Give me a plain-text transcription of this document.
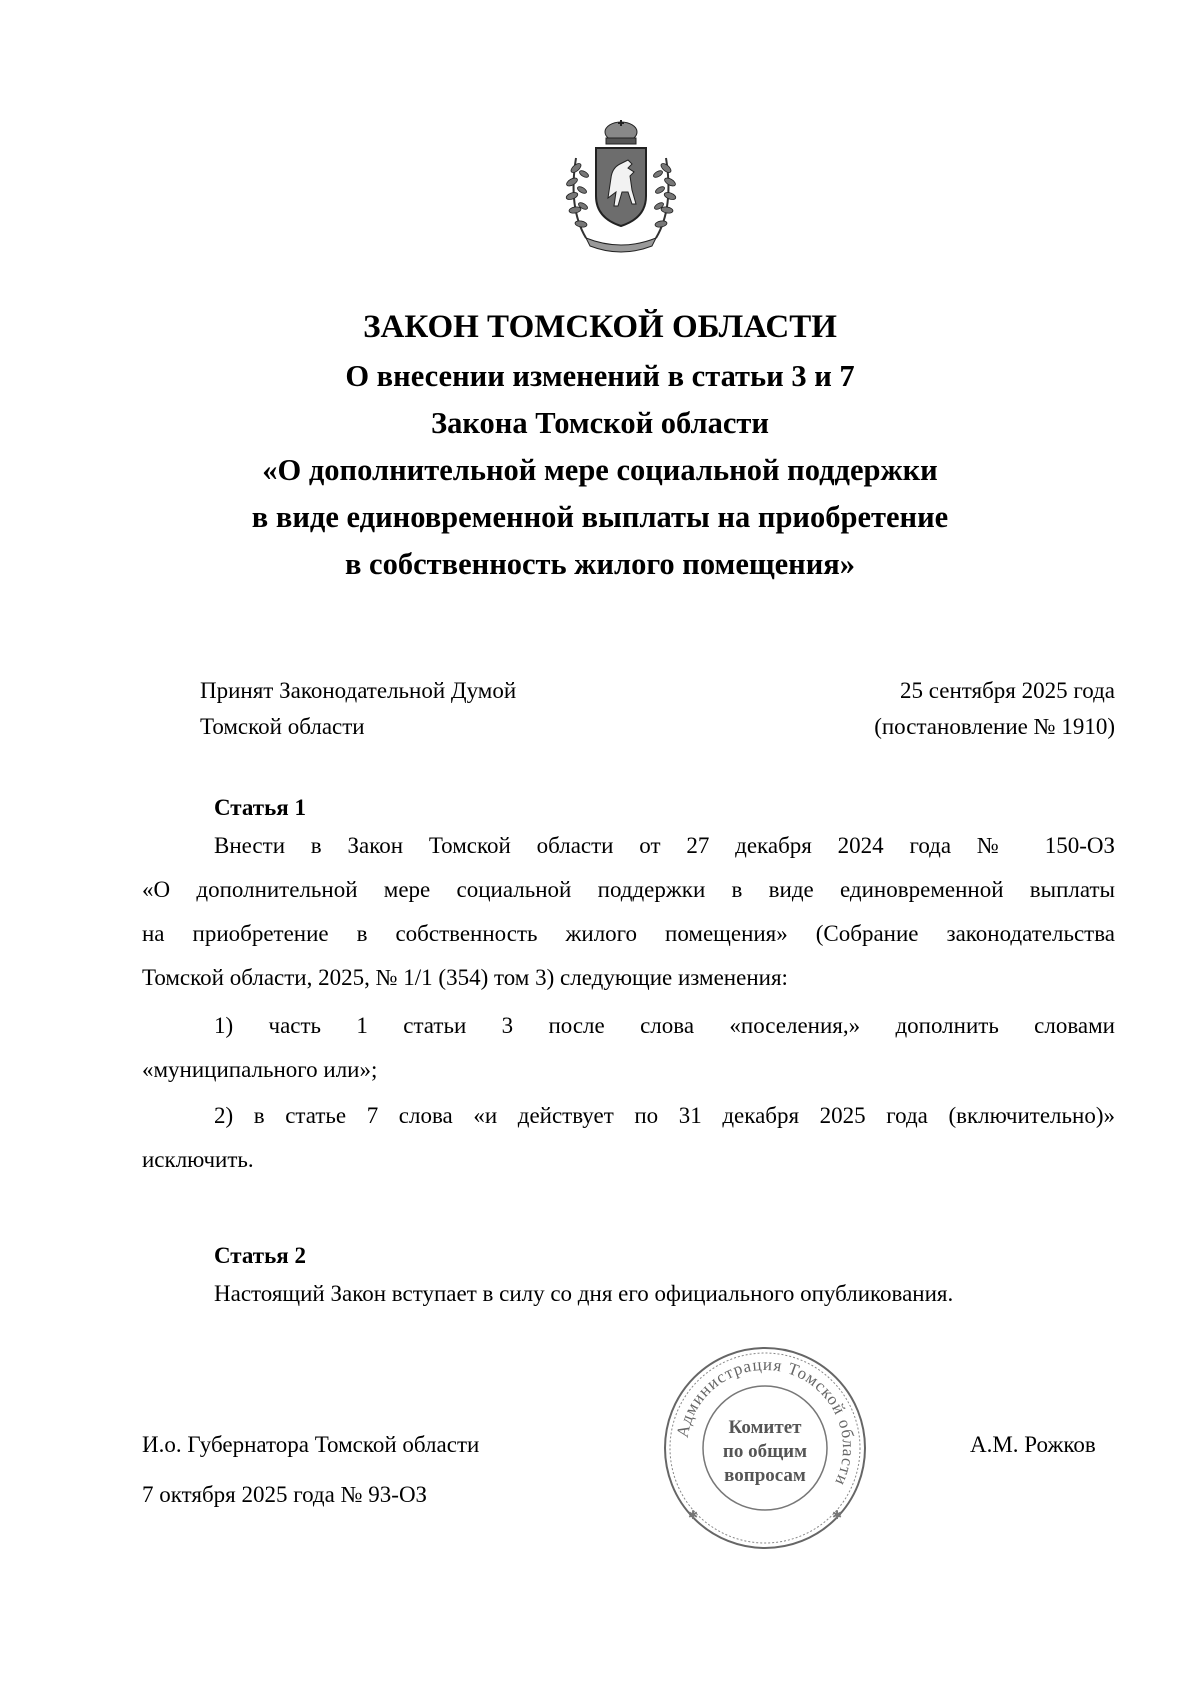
ЗАКОН ТОМСКОЙ ОБЛАСТИ
О внесении изменений в статьи 3 и 7
Закона Томской области
«О дополнительной мере социальной поддержки
в виде единовременной выплаты на приобретение
в собственность жилого помещения»
Принят Законодательной Думой
Томской области
25 сентября 2025 года
(постановление № 1910)
Статья 1
Внести в Закон Томской области от 27 декабря 2024 года № 150-ОЗ
«О дополнительной мере социальной поддержки в виде единовременной выплаты
на приобретение в собственность жилого помещения» (Собрание законодательства
Томской области, 2025, № 1/1 (354) том 3) следующие изменения:
1) часть 1 статьи 3 после слова «поселения,» дополнить словами
«муниципального или»;
2) в статье 7 слова «и действует по 31 декабря 2025 года (включительно)»
исключить.
Статья 2
Настоящий Закон вступает в силу со дня его официального опубликования.
Администрация Томской области
Комитет
по общим
вопросам
✱	✱
И.о. Губернатора Томской области
7 октября 2025 года № 93-ОЗ
А.М. Рожков
